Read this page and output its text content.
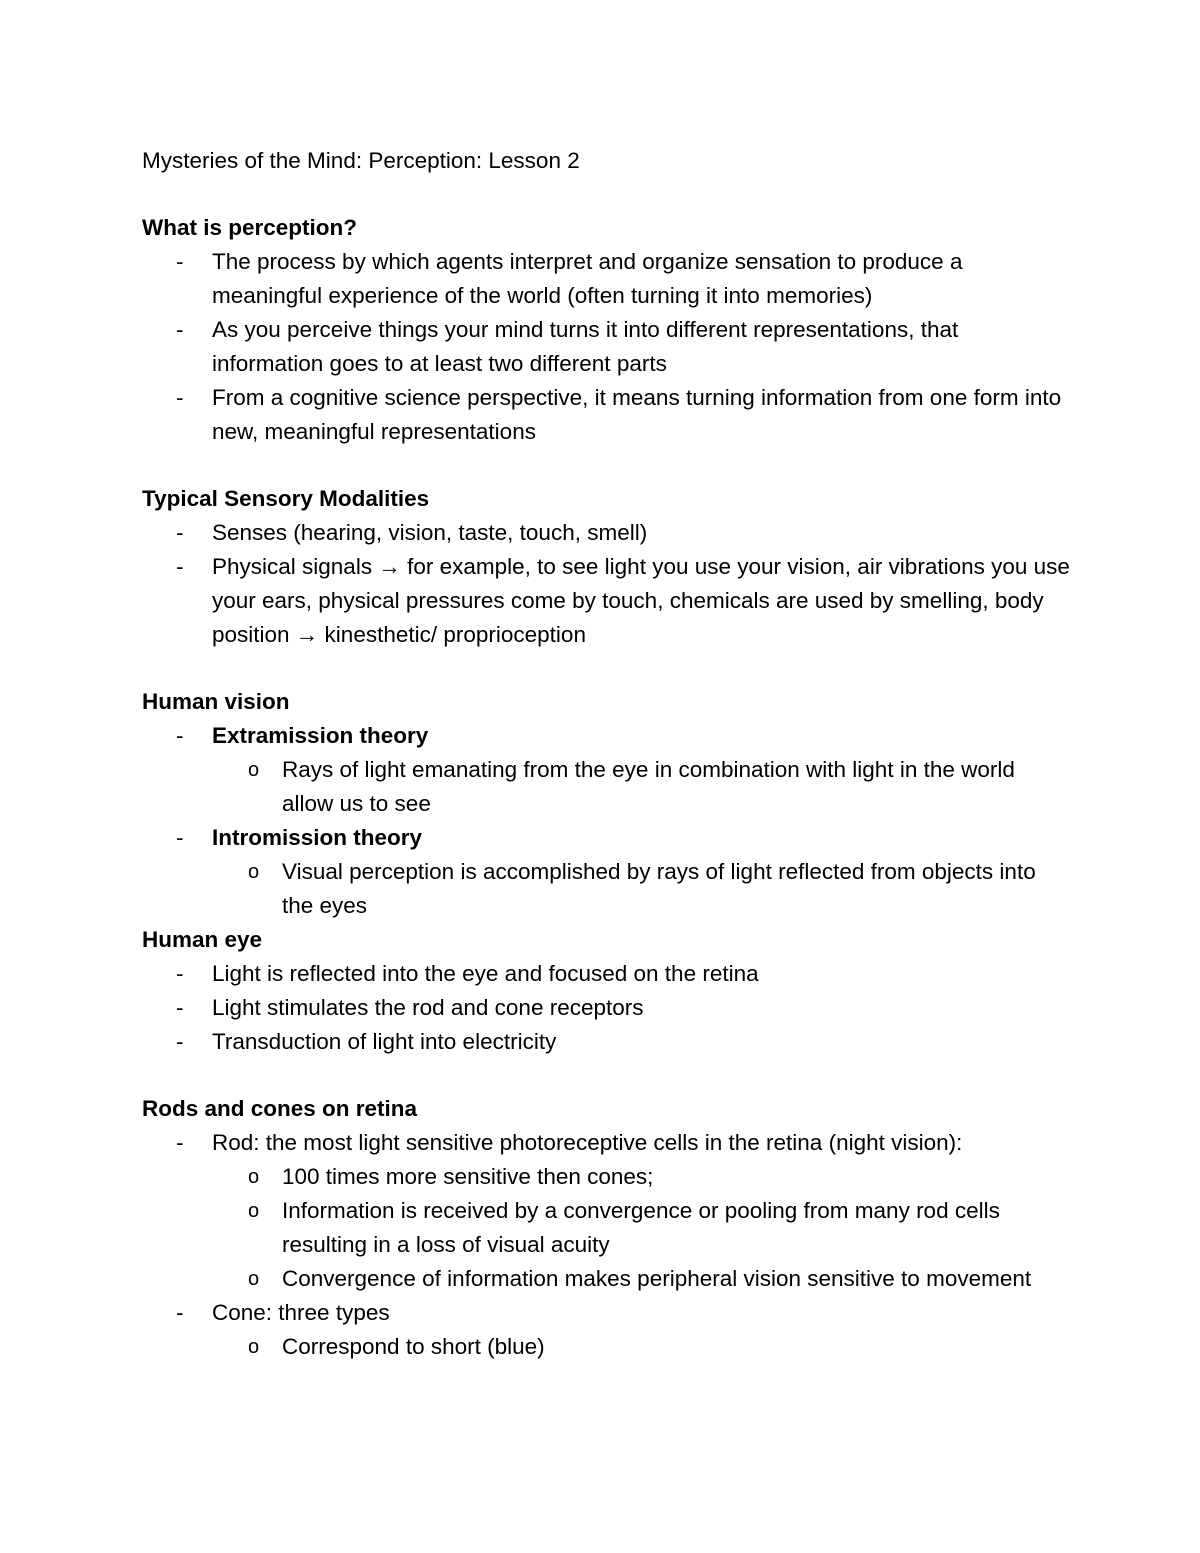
Mysteries of the Mind: Perception: Lesson 2
What is perception?
-	The process by which agents interpret and organize sensation to produce a meaningful experience of the world (often turning it into memories)
-	As you perceive things your mind turns it into different representations, that information goes to at least two different parts
-	From a cognitive science perspective, it means turning information from one form into new, meaningful representations
Typical Sensory Modalities
-	Senses (hearing, vision, taste, touch, smell)
-	Physical signals → for example, to see light you use your vision, air vibrations you use your ears, physical pressures come by touch, chemicals are used by smelling, body position → kinesthetic/ proprioception
Human vision
-	Extramission theory
o	Rays of light emanating from the eye in combination with light in the world allow us to see
-	Intromission theory
o	Visual perception is accomplished by rays of light reflected from objects into the eyes
Human eye
-	Light is reflected into the eye and focused on the retina
-	Light stimulates the rod and cone receptors
-	Transduction of light into electricity
Rods and cones on retina
-	Rod: the most light sensitive photoreceptive cells in the retina (night vision):
o	100 times more sensitive then cones;
o	Information is received by a convergence or pooling from many rod cells resulting in a loss of visual acuity
o	Convergence of information makes peripheral vision sensitive to movement
-	Cone: three types
o	Correspond to short (blue)
